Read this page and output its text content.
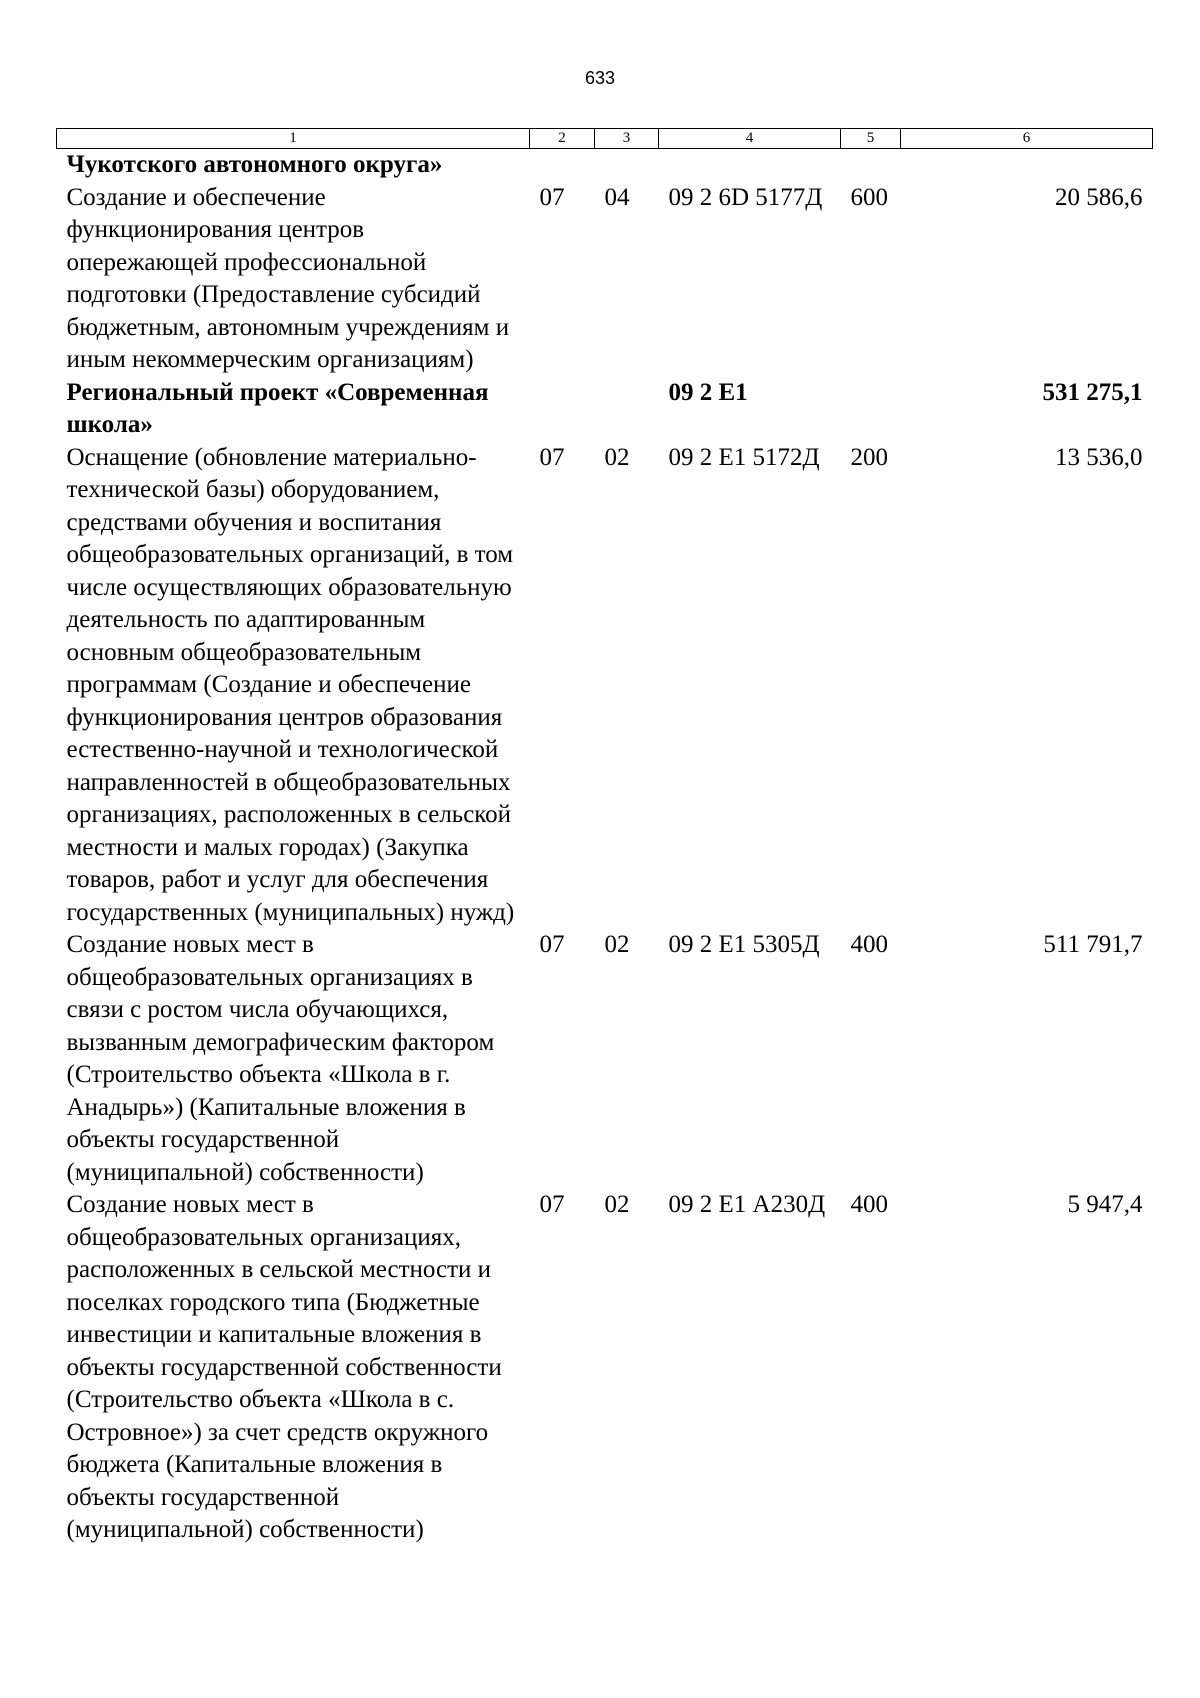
633
1	2	3	4	5	6
Чукотского автономного округа»					
Создание и обеспечение функционирования центров опережающей профессиональной подготовки (Предоставление субсидий бюджетным, автономным учреждениям и иным некоммерческим организациям)	07	04	09 2 6D 5177Д	600	20 586,6
Региональный проект «Современная школа»			09 2 E1		531 275,1
Оснащение (обновление материально-технической базы) оборудованием, средствами обучения и воспитания общеобразовательных организаций, в том числе осуществляющих образовательную деятельность по адаптированным основным общеобразовательным программам (Создание и обеспечение функционирования центров образования естественно-научной и технологической направленностей в общеобразовательных организациях, расположенных в сельской местности и малых городах) (Закупка товаров, работ и услуг для обеспечения государственных (муниципальных) нужд)	07	02	09 2 E1 5172Д	200	13 536,0
Создание новых мест в общеобразовательных организациях в связи с ростом числа обучающихся, вызванным демографическим фактором (Строительство объекта «Школа в г. Анадырь») (Капитальные вложения в объекты государственной (муниципальной) собственности)	07	02	09 2 E1 5305Д	400	511 791,7
Создание новых мест в общеобразовательных организациях, расположенных в сельской местности и поселках городского типа (Бюджетные инвестиции и капитальные вложения в объекты государственной собственности (Строительство объекта «Школа в с. Островное») за счет средств окружного бюджета (Капитальные вложения в объекты государственной (муниципальной) собственности)	07	02	09 2 E1 А230Д	400	5 947,4
